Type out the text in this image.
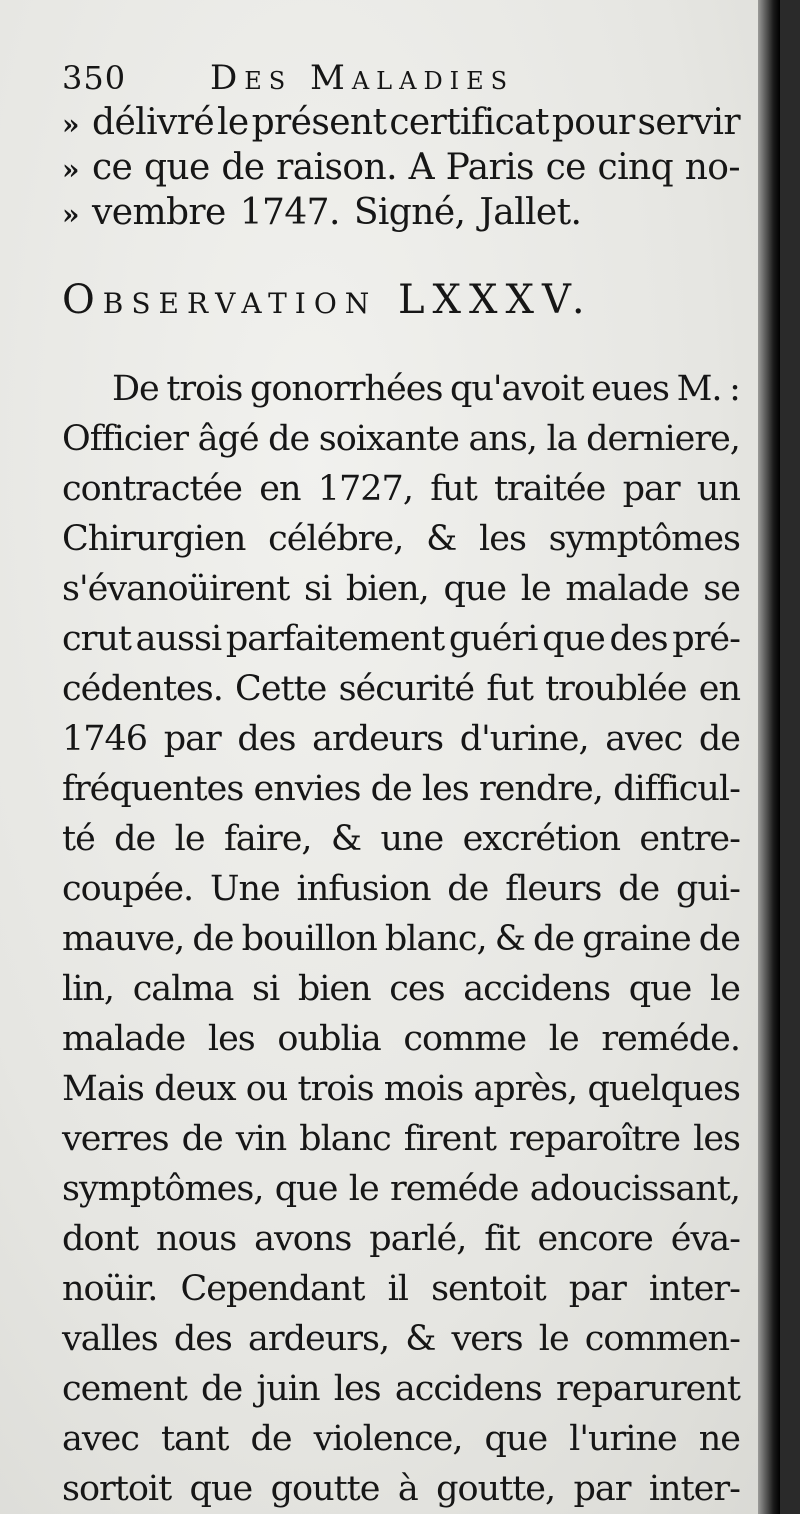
350	Des Maladies
» délivré le présent certificat pour servir
» ce que de raison. A Paris ce cinq no-
» vembre 1747. Signé, Jallet.
Observation LXXXV.
De trois gonorrhées qu'avoit eues M. :
Officier âgé de soixante ans, la derniere,
contractée en 1727, fut traitée par un
Chirurgien célébre, & les symptômes
s'évanoüirent si bien, que le malade se
crut aussi parfaitement guéri que des pré-
cédentes. Cette sécurité fut troublée en
1746 par des ardeurs d'urine, avec de
fréquentes envies de les rendre, difficul-
té de le faire, & une excrétion entre-
coupée. Une infusion de fleurs de gui-
mauve, de bouillon blanc, & de graine de
lin, calma si bien ces accidens que le
malade les oublia comme le reméde.
Mais deux ou trois mois après, quelques
verres de vin blanc firent reparoître les
symptômes, que le reméde adoucissant,
dont nous avons parlé, fit encore éva-
noüir. Cependant il sentoit par inter-
valles des ardeurs, & vers le commen-
cement de juin les accidens reparurent
avec tant de violence, que l'urine ne
sortoit que goutte à goutte, par inter-
